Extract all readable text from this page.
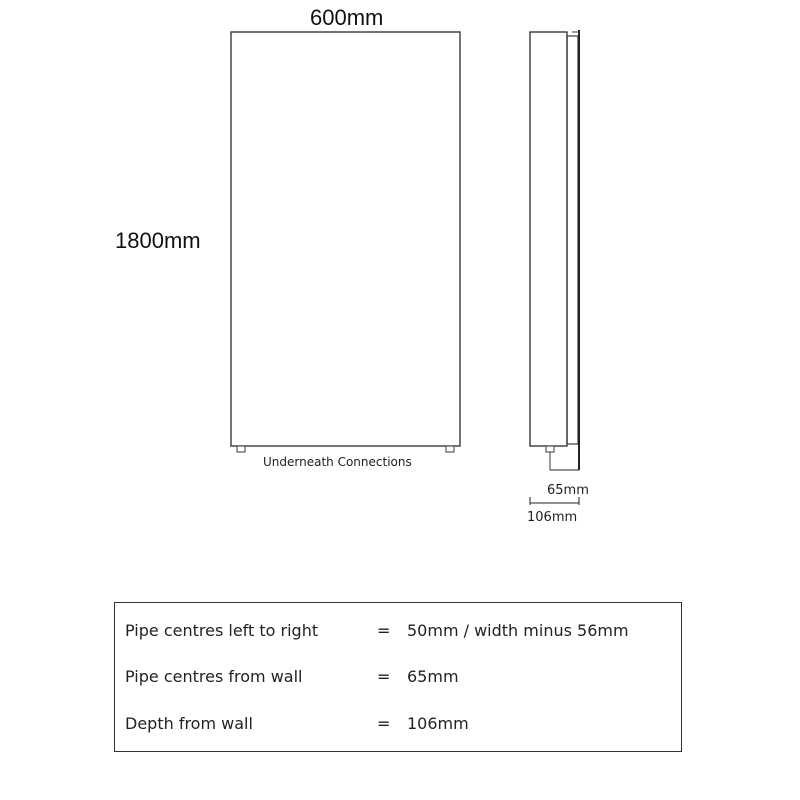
600mm
1800mm
Underneath Connections
65mm
106mm
Pipe centres left to right	= 50mm / width minus 56mm
Pipe centres from wall	= 65mm
Depth from wall	= 106mm
